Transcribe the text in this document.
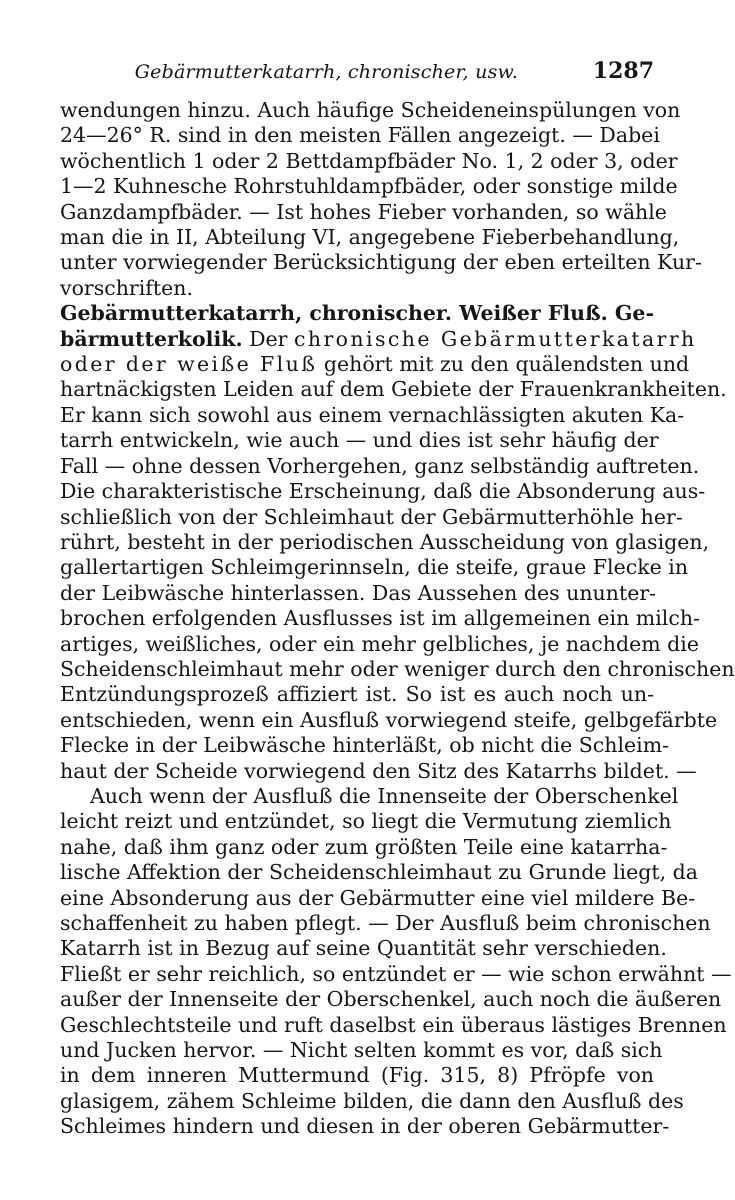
Gebärmutterkatarrh, chronischer, usw.	1287
wendungen hinzu. Auch häufige Scheideneinspülungen von
24—26° R. sind in den meisten Fällen angezeigt. — Dabei
wöchentlich 1 oder 2 Bettdampfbäder No. 1, 2 oder 3, oder
1—2 Kuhnesche Rohrstuhldampfbäder, oder sonstige milde
Ganzdampfbäder. — Ist hohes Fieber vorhanden, so wähle
man die in II, Abteilung VI, angegebene Fieberbehandlung,
unter vorwiegender Berücksichtigung der eben erteilten Kur-
vorschriften.
Gebärmutterkatarrh, chronischer. Weißer Fluß. Ge-
bärmutterkolik. Der chronische Gebärmutterkatarrh
oder der weiße Fluß gehört mit zu den quälendsten und
hartnäckigsten Leiden auf dem Gebiete der Frauenkrankheiten.
Er kann sich sowohl aus einem vernachlässigten akuten Ka-
tarrh entwickeln, wie auch — und dies ist sehr häufig der
Fall — ohne dessen Vorhergehen, ganz selbständig auftreten.
Die charakteristische Erscheinung, daß die Absonderung aus-
schließlich von der Schleimhaut der Gebärmutterhöhle her-
rührt, besteht in der periodischen Ausscheidung von glasigen,
gallertartigen Schleimgerinnseln, die steife, graue Flecke in
der Leibwäsche hinterlassen. Das Aussehen des ununter-
brochen erfolgenden Ausflusses ist im allgemeinen ein milch-
artiges, weißliches, oder ein mehr gelbliches, je nachdem die
Scheidenschleimhaut mehr oder weniger durch den chronischen
Entzündungsprozeß affiziert ist. So ist es auch noch un-
entschieden, wenn ein Ausfluß vorwiegend steife, gelbgefärbte
Flecke in der Leibwäsche hinterläßt, ob nicht die Schleim-
haut der Scheide vorwiegend den Sitz des Katarrhs bildet. —
Auch wenn der Ausfluß die Innenseite der Oberschenkel
leicht reizt und entzündet, so liegt die Vermutung ziemlich
nahe, daß ihm ganz oder zum größten Teile eine katarrha-
lische Affektion der Scheidenschleimhaut zu Grunde liegt, da
eine Absonderung aus der Gebärmutter eine viel mildere Be-
schaffenheit zu haben pflegt. — Der Ausfluß beim chronischen
Katarrh ist in Bezug auf seine Quantität sehr verschieden.
Fließt er sehr reichlich, so entzündet er — wie schon erwähnt —
außer der Innenseite der Oberschenkel, auch noch die äußeren
Geschlechtsteile und ruft daselbst ein überaus lästiges Brennen
und Jucken hervor. — Nicht selten kommt es vor, daß sich
in dem inneren Muttermund (Fig. 315, 8) Pfröpfe von
glasigem, zähem Schleime bilden, die dann den Ausfluß des
Schleimes hindern und diesen in der oberen Gebärmutter-
